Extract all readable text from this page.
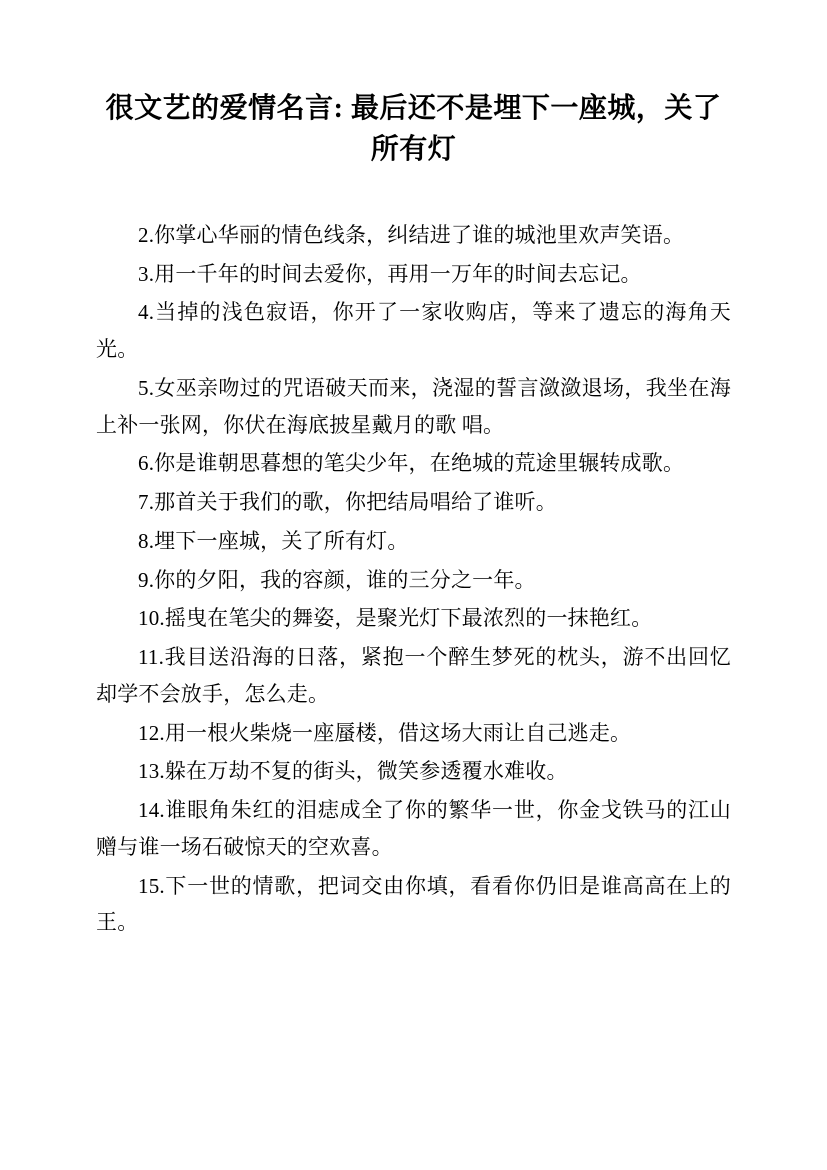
很文艺的爱情名言: 最后还不是埋下一座城，关了所有灯

2.你掌心华丽的情色线条，纠结进了谁的城池里欢声笑语。

3.用一千年的时间去爱你，再用一万年的时间去忘记。

4.当掉的浅色寂语，你开了一家收购店，等来了遗忘的海角天光。

5.女巫亲吻过的咒语破天而来，浇湿的誓言潋潋退场，我坐在海上补一张网，你伏在海底披星戴月的歌 唱。

6.你是谁朝思暮想的笔尖少年，在绝城的荒途里辗转成歌。

7.那首关于我们的歌，你把结局唱给了谁听。

8.埋下一座城，关了所有灯。

9.你的夕阳，我的容颜，谁的三分之一年。

10.摇曳在笔尖的舞姿，是聚光灯下最浓烈的一抹艳红。

11.我目送沿海的日落，紧抱一个醉生梦死的枕头，游不出回忆却学不会放手，怎么走。

12.用一根火柴烧一座蜃楼，借这场大雨让自己逃走。

13.躲在万劫不复的街头，微笑参透覆水难收。

14.谁眼角朱红的泪痣成全了你的繁华一世，你金戈铁马的江山赠与谁一场石破惊天的空欢喜。

15.下一世的情歌，把词交由你填，看看你仍旧是谁高高在上的王。
